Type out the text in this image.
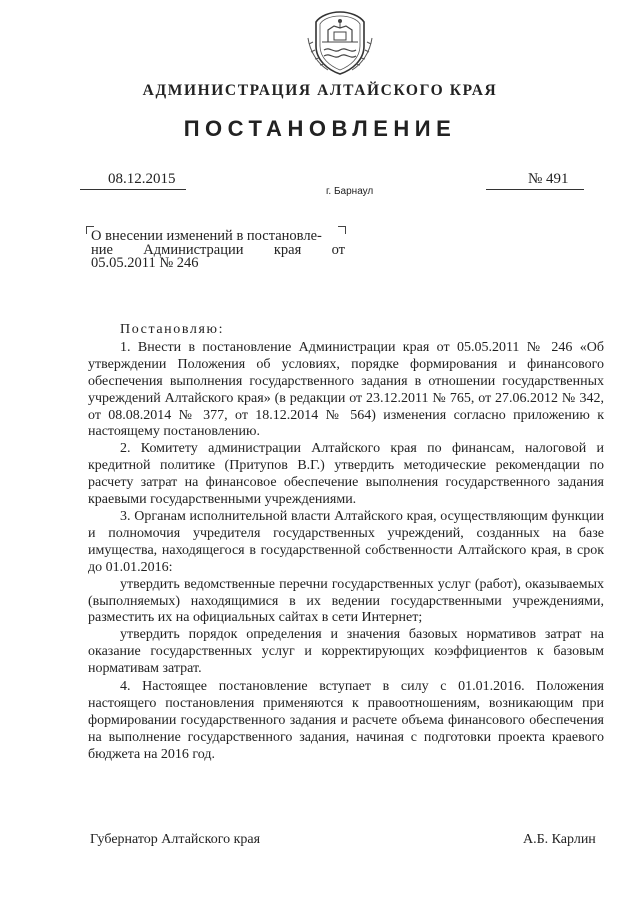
АДМИНИСТРАЦИЯ АЛТАЙСКОГО КРАЯ
ПОСТАНОВЛЕНИЕ
08.12.2015
г. Барнаул
№ 491
О внесении изменений в постановле-
ние Администрации края от
05.05.2011 № 246
Постановляю:

1. Внести в постановление Администрации края от 05.05.2011 № 246 «Об утверждении Положения об условиях, порядке формирования и финансового обеспечения выполнения государственного задания в отношении государственных учреждений Алтайского края» (в редакции от 23.12.2011 № 765, от 27.06.2012 № 342, от 08.08.2014 № 377, от 18.12.2014 № 564) изменения согласно приложению к настоящему постановлению.

2. Комитету администрации Алтайского края по финансам, налоговой и кредитной политике (Притупов В.Г.) утвердить методические рекомендации по расчету затрат на финансовое обеспечение выполнения государственного задания краевыми государственными учреждениями.

3. Органам исполнительной власти Алтайского края, осуществляющим функции и полномочия учредителя государственных учреждений, созданных на базе имущества, находящегося в государственной собственности Алтайского края, в срок до 01.01.2016:

утвердить ведомственные перечни государственных услуг (работ), оказываемых (выполняемых) находящимися в их ведении государственными учреждениями, разместить их на официальных сайтах в сети Интернет;

утвердить порядок определения и значения базовых нормативов затрат на оказание государственных услуг и корректирующих коэффициентов к базовым нормативам затрат.

4. Настоящее постановление вступает в силу с 01.01.2016. Положения настоящего постановления применяются к правоотношениям, возникающим при формировании государственного задания и расчете объема финансового обеспечения на выполнение государственного задания, начиная с подготовки проекта краевого бюджета на 2016 год.

Губернатор Алтайского края	А.Б. Карлин
